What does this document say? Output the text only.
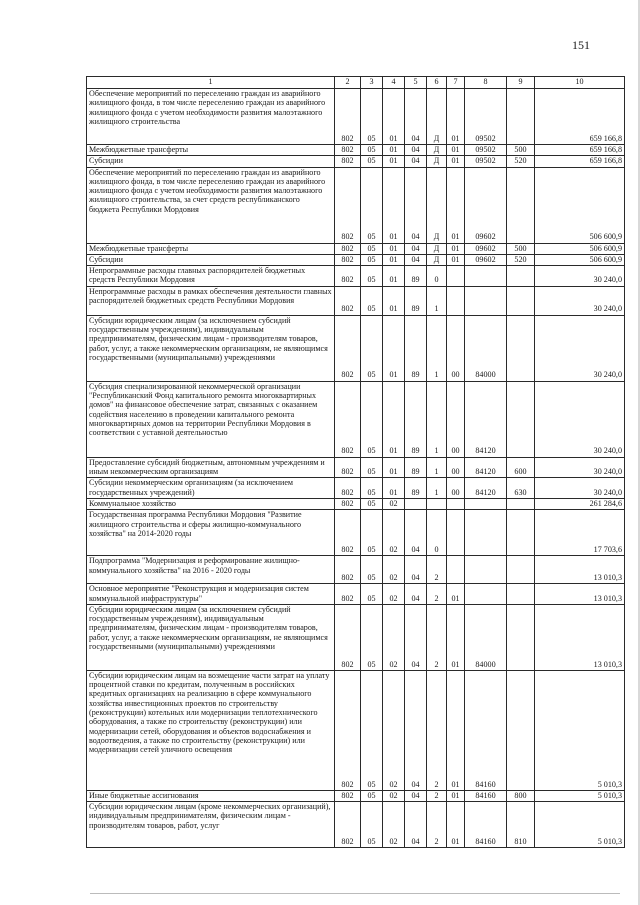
151
1	2	3	4	5	6	7	8	9	10
Обеспечение мероприятий по переселению граждан из аварийного жилищного фонда, в том числе переселению граждан из аварийного жилищного фонда с учетом необходимости развития малоэтажного жилищного строительства	802	05	01	04	Д	01	09502		659 166,8
Межбюджетные трансферты	802	05	01	04	Д	01	09502	500	659 166,8
Субсидии	802	05	01	04	Д	01	09502	520	659 166,8
Обеспечение мероприятий по переселению граждан из аварийного жилищного фонда, в том числе переселению граждан из аварийного жилищного фонда с учетом необходимости развития малоэтажного жилищного строительства, за счет средств республиканского бюджета Республики Мордовия	802	05	01	04	Д	01	09602		506 600,9
Межбюджетные трансферты	802	05	01	04	Д	01	09602	500	506 600,9
Субсидии	802	05	01	04	Д	01	09602	520	506 600,9
Непрограммные расходы главных распорядителей бюджетных средств Республики Мордовия	802	05	01	89	0				30 240,0
Непрограммные расходы в рамках обеспечения деятельности главных распорядителей бюджетных средств Республики Мордовия	802	05	01	89	1				30 240,0
Субсидии юридическим лицам (за исключением субсидий государственным учреждениям), индивидуальным предпринимателям, физическим лицам - производителям товаров, работ, услуг, а также некоммерческим организациям, не являющимся государственными (муниципальными) учреждениями	802	05	01	89	1	00	84000		30 240,0
Субсидия специализированной некоммерческой организации "Республиканский Фонд капитального ремонта многоквартирных домов" на финансовое обеспечение затрат, связанных с оказанием содействия населению в проведении капитального ремонта многоквартирных домов на территории Республики Мордовия в соответствии с уставной деятельностью	802	05	01	89	1	00	84120		30 240,0
Предоставление субсидий бюджетным, автономным учреждениям и иным некоммерческим организациям	802	05	01	89	1	00	84120	600	30 240,0
Субсидии некоммерческим организациям (за исключением государственных учреждений)	802	05	01	89	1	00	84120	630	30 240,0
Коммунальное хозяйство	802	05	02						261 284,6
Государственная программа Республики Мордовия "Развитие жилищного строительства и сферы жилищно-коммунального хозяйства" на 2014-2020 годы	802	05	02	04	0				17 703,6
Подпрограмма "Модернизация и реформирование жилищно-коммунального хозяйства" на 2016 - 2020 годы	802	05	02	04	2				13 010,3
Основное мероприятие "Реконструкция и модернизация систем коммунальной инфраструктуры"	802	05	02	04	2	01			13 010,3
Субсидии юридическим лицам (за исключением субсидий государственным учреждениям), индивидуальным предпринимателям, физическим лицам - производителям товаров, работ, услуг, а также некоммерческим организациям, не являющимся государственными (муниципальными) учреждениями	802	05	02	04	2	01	84000		13 010,3
Субсидии юридическим лицам на возмещение части затрат на уплату процентной ставки по кредитам, полученным в российских кредитных организациях на реализацию в сфере коммунального хозяйства инвестиционных проектов по строительству (реконструкции) котельных или модернизации теплотехнического оборудования, а также по строительству (реконструкции) или модернизации сетей, оборудования и объектов водоснабжения и водоотведения, а также по строительству (реконструкции) или модернизации сетей уличного освещения	802	05	02	04	2	01	84160		5 010,3
Иные бюджетные ассигнования	802	05	02	04	2	01	84160	800	5 010,3
Субсидии юридическим лицам (кроме некоммерческих организаций), индивидуальным предпринимателям, физическим лицам - производителям товаров, работ, услуг	802	05	02	04	2	01	84160	810	5 010,3
